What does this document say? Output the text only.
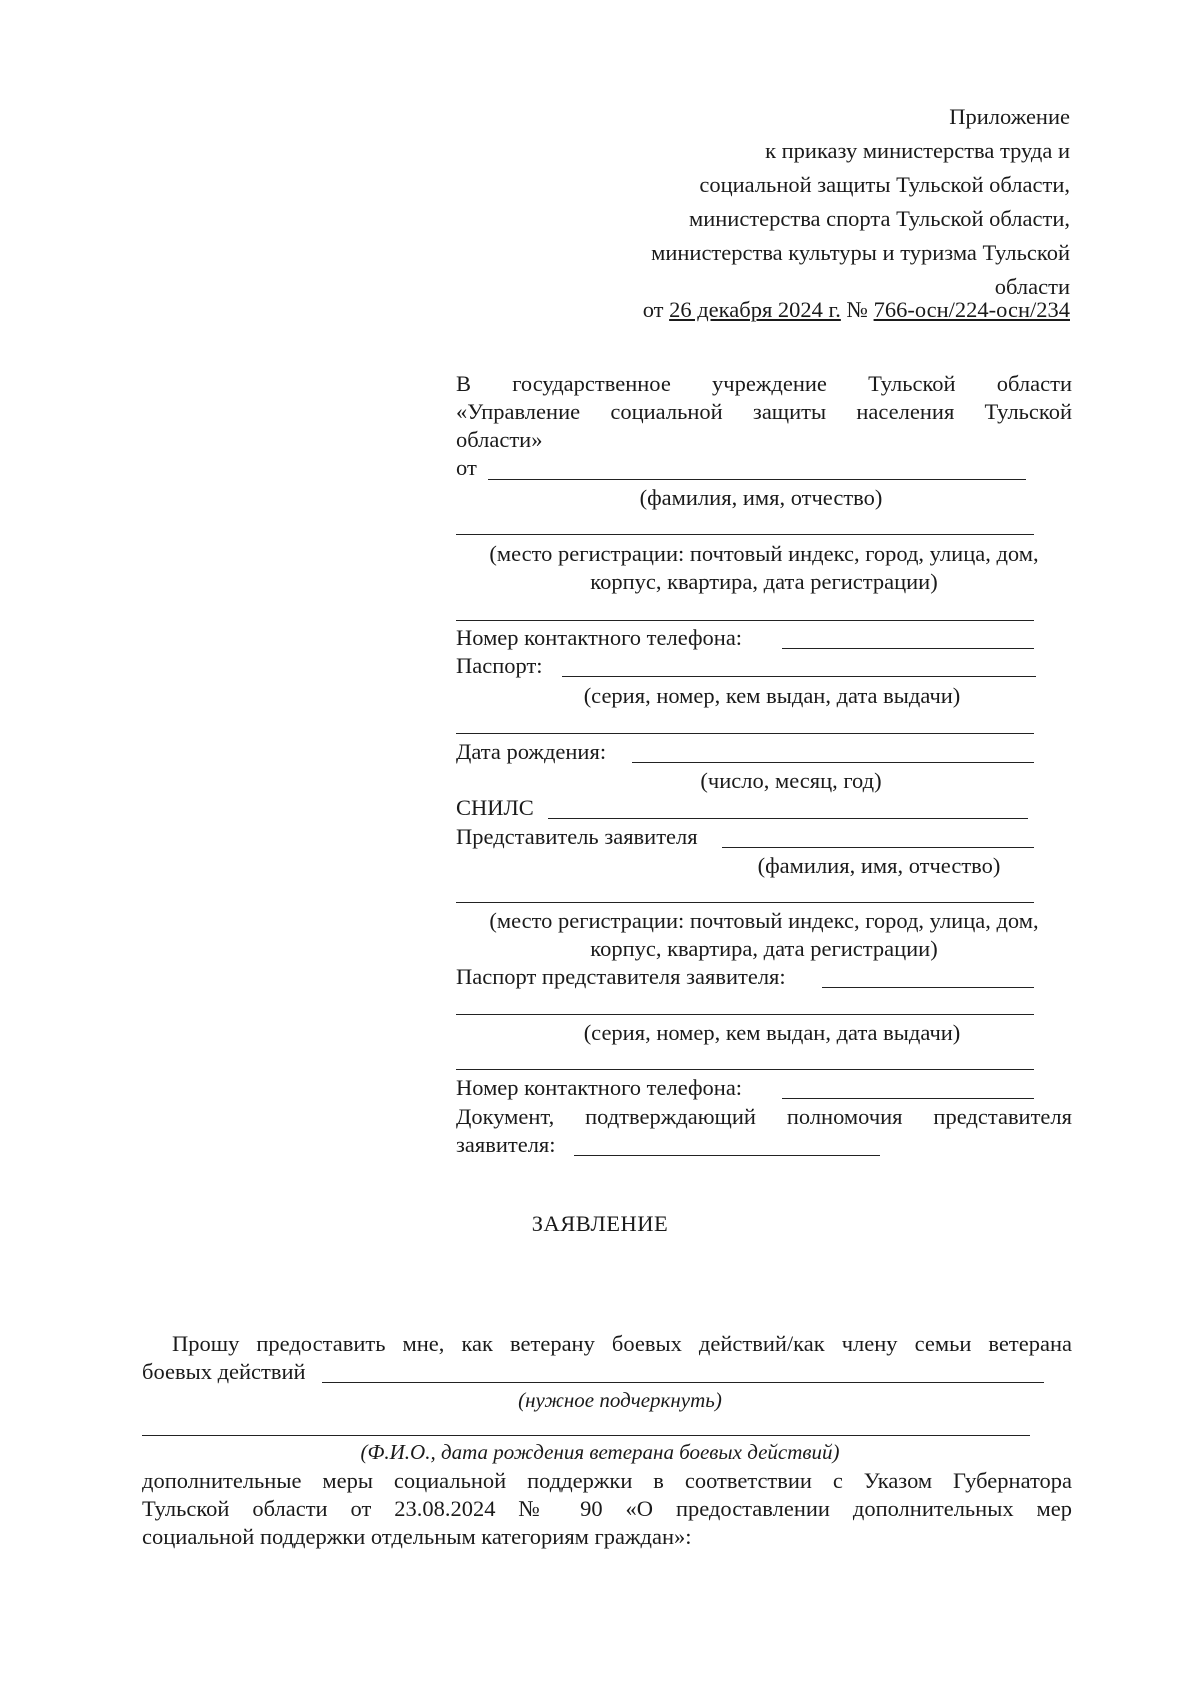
Приложение
к приказу министерства труда и
социальной защиты Тульской области,
министерства спорта Тульской области,
министерства культуры и туризма Тульской
области
от 26 декабря 2024 г. № 766-осн/224-осн/234
В государственное учреждение Тульской области
«Управление социальной защиты населения Тульской
области»
от
(фамилия, имя, отчество)
(место регистрации: почтовый индекс, город, улица, дом,
корпус, квартира, дата регистрации)
Номер контактного телефона:
Паспорт:
(серия, номер, кем выдан, дата выдачи)
Дата рождения:
(число, месяц, год)
СНИЛС
Представитель заявителя
(фамилия, имя, отчество)
(место регистрации: почтовый индекс, город, улица, дом,
корпус, квартира, дата регистрации)
Паспорт представителя заявителя:
(серия, номер, кем выдан, дата выдачи)
Номер контактного телефона:
Документ, подтверждающий полномочия представителя
заявителя:
ЗАЯВЛЕНИЕ
Прошу предоставить мне, как ветерану боевых действий/как члену семьи ветерана
боевых действий
(нужное подчеркнуть)
(Ф.И.О., дата рождения ветерана боевых действий)
дополнительные меры социальной поддержки в соответствии с Указом Губернатора
Тульской области от 23.08.2024 № 90 «О предоставлении дополнительных мер
социальной поддержки отдельным категориям граждан»:
